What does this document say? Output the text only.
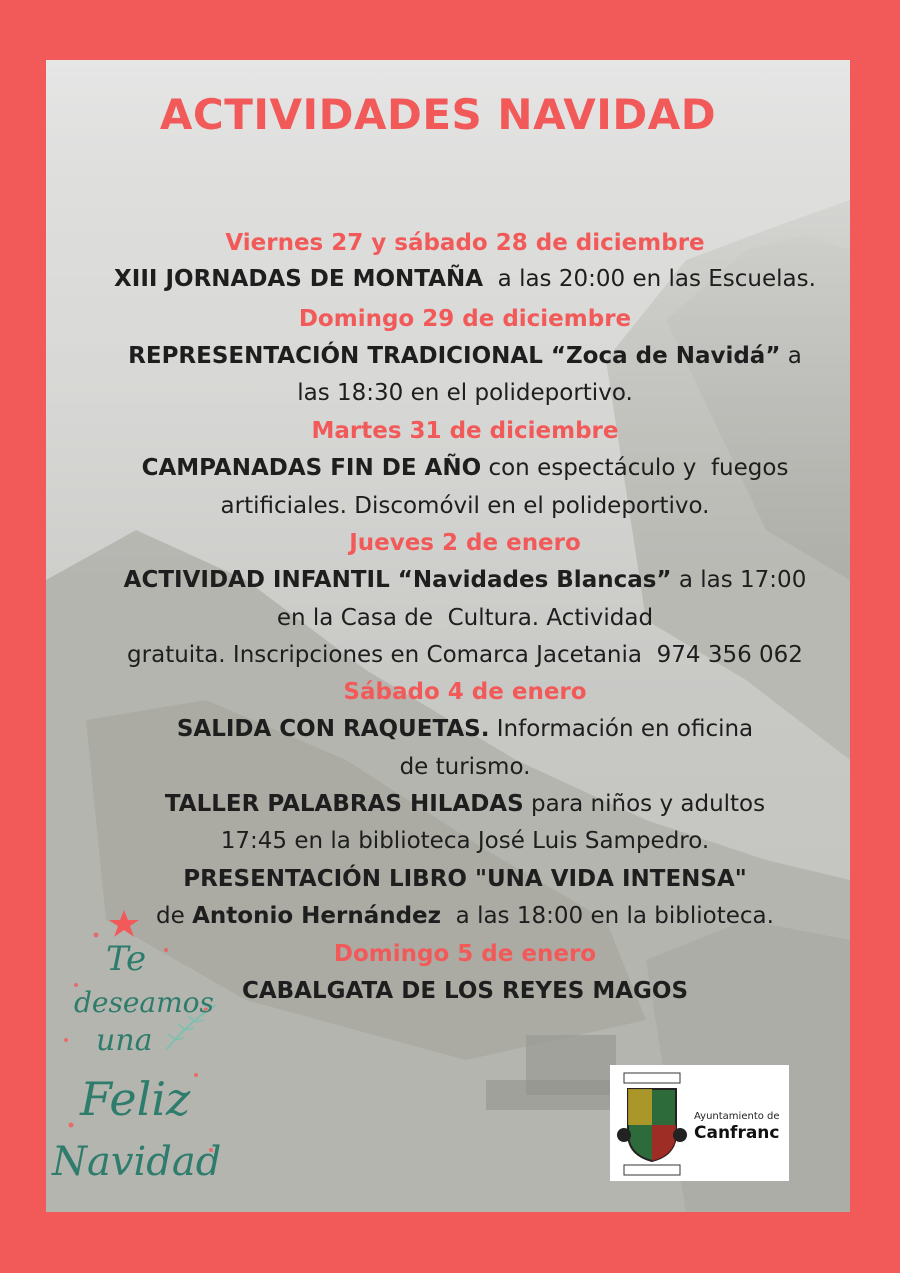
ACTIVIDADES NAVIDAD
Viernes 27 y sábado 28 de diciembre
XIII JORNADAS DE MONTAÑA  a las 20:00 en las Escuelas.
Domingo 29 de diciembre
REPRESENTACIÓN TRADICIONAL “Zoca de Navidá” a
las 18:30 en el polideportivo.
Martes 31 de diciembre
CAMPANADAS FIN DE AÑO con espectáculo y  fuegos
artificiales. Discomóvil en el polideportivo.
Jueves 2 de enero
ACTIVIDAD INFANTIL “Navidades Blancas” a las 17:00
en la Casa de  Cultura. Actividad
gratuita. Inscripciones en Comarca Jacetania  974 356 062
Sábado 4 de enero
SALIDA CON RAQUETAS. Información en oficina
de turismo.
TALLER PALABRAS HILADAS para niños y adultos
17:45 en la biblioteca José Luis Sampedro.
PRESENTACIÓN LIBRO "UNA VIDA INTENSA"
de Antonio Hernández  a las 18:00 en la biblioteca.
Domingo 5 de enero
CABALGATA DE LOS REYES MAGOS
Te
deseamos
una
Feliz
Navidad
Ayuntamiento de
Canfranc
